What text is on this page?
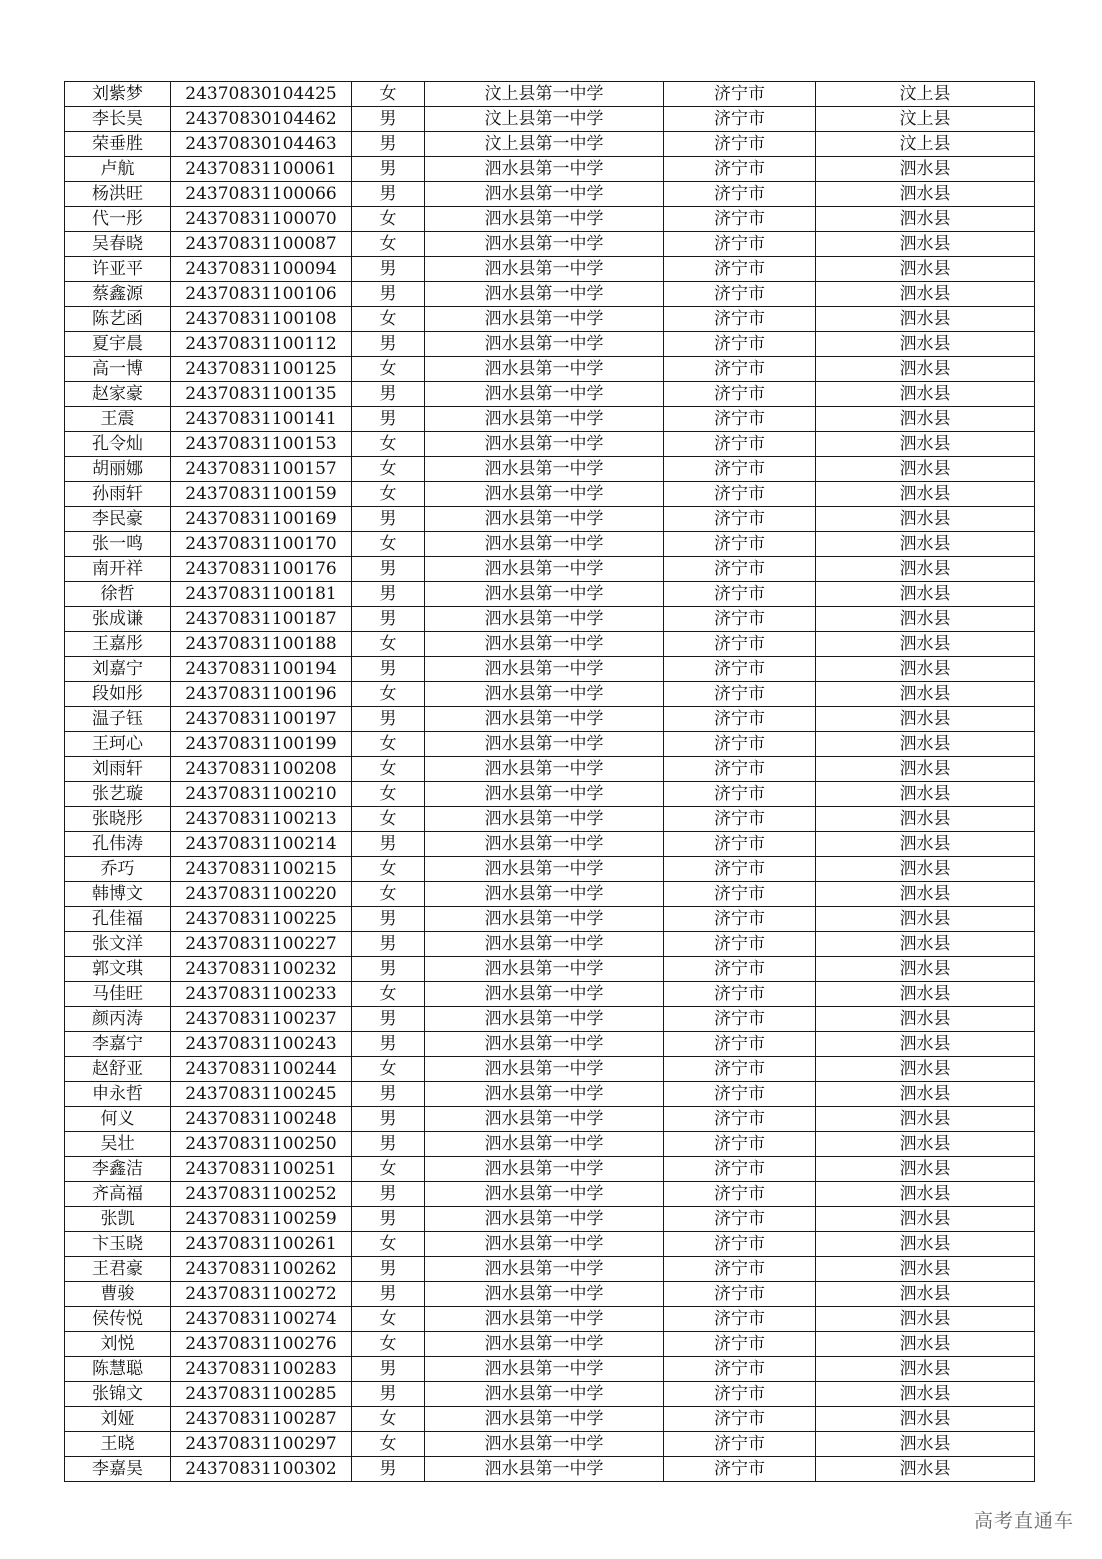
刘紫梦	24370830104425	女	汶上县第一中学	济宁市	汶上县
李长昊	24370830104462	男	汶上县第一中学	济宁市	汶上县
荣垂胜	24370830104463	男	汶上县第一中学	济宁市	汶上县
卢航	24370831100061	男	泗水县第一中学	济宁市	泗水县
杨洪旺	24370831100066	男	泗水县第一中学	济宁市	泗水县
代一彤	24370831100070	女	泗水县第一中学	济宁市	泗水县
吴春晓	24370831100087	女	泗水县第一中学	济宁市	泗水县
许亚平	24370831100094	男	泗水县第一中学	济宁市	泗水县
蔡鑫源	24370831100106	男	泗水县第一中学	济宁市	泗水县
陈艺函	24370831100108	女	泗水县第一中学	济宁市	泗水县
夏宇晨	24370831100112	男	泗水县第一中学	济宁市	泗水县
高一博	24370831100125	女	泗水县第一中学	济宁市	泗水县
赵家豪	24370831100135	男	泗水县第一中学	济宁市	泗水县
王震	24370831100141	男	泗水县第一中学	济宁市	泗水县
孔令灿	24370831100153	女	泗水县第一中学	济宁市	泗水县
胡丽娜	24370831100157	女	泗水县第一中学	济宁市	泗水县
孙雨轩	24370831100159	女	泗水县第一中学	济宁市	泗水县
李民豪	24370831100169	男	泗水县第一中学	济宁市	泗水县
张一鸣	24370831100170	女	泗水县第一中学	济宁市	泗水县
南开祥	24370831100176	男	泗水县第一中学	济宁市	泗水县
徐哲	24370831100181	男	泗水县第一中学	济宁市	泗水县
张成谦	24370831100187	男	泗水县第一中学	济宁市	泗水县
王嘉彤	24370831100188	女	泗水县第一中学	济宁市	泗水县
刘嘉宁	24370831100194	男	泗水县第一中学	济宁市	泗水县
段如彤	24370831100196	女	泗水县第一中学	济宁市	泗水县
温子钰	24370831100197	男	泗水县第一中学	济宁市	泗水县
王珂心	24370831100199	女	泗水县第一中学	济宁市	泗水县
刘雨轩	24370831100208	女	泗水县第一中学	济宁市	泗水县
张艺璇	24370831100210	女	泗水县第一中学	济宁市	泗水县
张晓彤	24370831100213	女	泗水县第一中学	济宁市	泗水县
孔伟涛	24370831100214	男	泗水县第一中学	济宁市	泗水县
乔巧	24370831100215	女	泗水县第一中学	济宁市	泗水县
韩博文	24370831100220	女	泗水县第一中学	济宁市	泗水县
孔佳福	24370831100225	男	泗水县第一中学	济宁市	泗水县
张文洋	24370831100227	男	泗水县第一中学	济宁市	泗水县
郭文琪	24370831100232	男	泗水县第一中学	济宁市	泗水县
马佳旺	24370831100233	女	泗水县第一中学	济宁市	泗水县
颜丙涛	24370831100237	男	泗水县第一中学	济宁市	泗水县
李嘉宁	24370831100243	男	泗水县第一中学	济宁市	泗水县
赵舒亚	24370831100244	女	泗水县第一中学	济宁市	泗水县
申永哲	24370831100245	男	泗水县第一中学	济宁市	泗水县
何义	24370831100248	男	泗水县第一中学	济宁市	泗水县
吴壮	24370831100250	男	泗水县第一中学	济宁市	泗水县
李鑫洁	24370831100251	女	泗水县第一中学	济宁市	泗水县
齐高福	24370831100252	男	泗水县第一中学	济宁市	泗水县
张凯	24370831100259	男	泗水县第一中学	济宁市	泗水县
卞玉晓	24370831100261	女	泗水县第一中学	济宁市	泗水县
王君豪	24370831100262	男	泗水县第一中学	济宁市	泗水县
曹骏	24370831100272	男	泗水县第一中学	济宁市	泗水县
侯传悦	24370831100274	女	泗水县第一中学	济宁市	泗水县
刘悦	24370831100276	女	泗水县第一中学	济宁市	泗水县
陈慧聪	24370831100283	男	泗水县第一中学	济宁市	泗水县
张锦文	24370831100285	男	泗水县第一中学	济宁市	泗水县
刘娅	24370831100287	女	泗水县第一中学	济宁市	泗水县
王晓	24370831100297	女	泗水县第一中学	济宁市	泗水县
李嘉昊	24370831100302	男	泗水县第一中学	济宁市	泗水县
高考直通车
